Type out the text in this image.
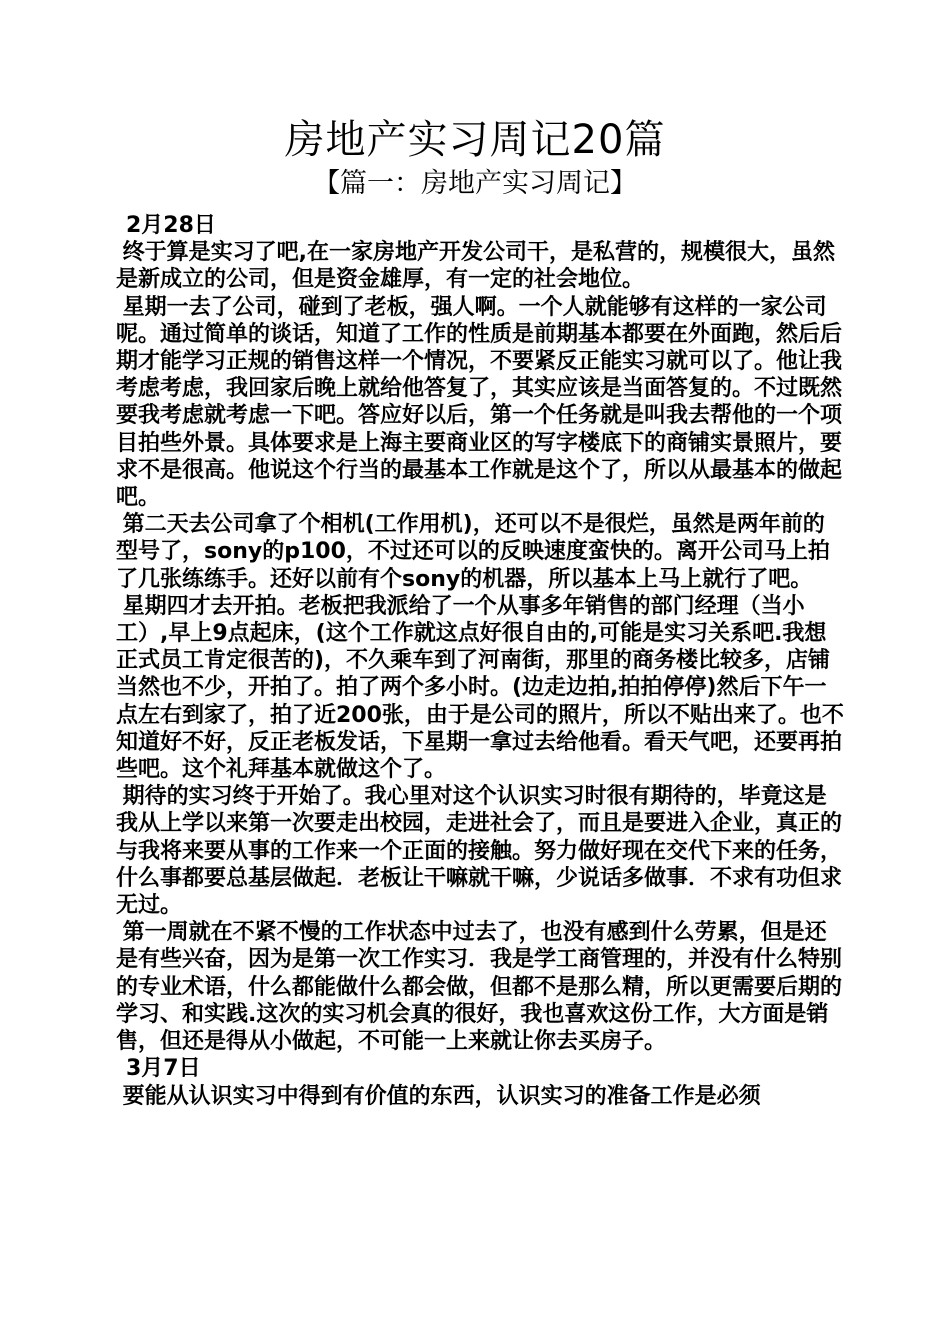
房地产实习周记20篇
【篇一：房地产实习周记】

2月28日

终于算是实习了吧,在一家房地产开发公司干，是私营的，规模很大，虽然是新成立的公司，但是资金雄厚，有一定的社会地位。

星期一去了公司，碰到了老板，强人啊。一个人就能够有这样的一家公司呢。通过简单的谈话，知道了工作的性质是前期基本都要在外面跑，然后后期才能学习正规的销售这样一个情况，不要紧反正能实习就可以了。他让我考虑考虑，我回家后晚上就给他答复了，其实应该是当面答复的。不过既然要我考虑就考虑一下吧。答应好以后，第一个任务就是叫我去帮他的一个项目拍些外景。具体要求是上海主要商业区的写字楼底下的商铺实景照片，要求不是很高。他说这个行当的最基本工作就是这个了，所以从最基本的做起吧。

第二天去公司拿了个相机(工作用机)，还可以不是很烂，虽然是两年前的型号了，sony的p100，不过还可以的反映速度蛮快的。离开公司马上拍了几张练练手。还好以前有个sony的机器，所以基本上马上就行了吧。

星期四才去开拍。老板把我派给了一个从事多年销售的部门经理（当小工）,早上9点起床，(这个工作就这点好很自由的,可能是实习关系吧.我想正式员工肯定很苦的)，不久乘车到了河南街，那里的商务楼比较多，店铺当然也不少，开拍了。拍了两个多小时。(边走边拍,拍拍停停)然后下午一点左右到家了，拍了近200张，由于是公司的照片，所以不贴出来了。也不知道好不好，反正老板发话，下星期一拿过去给他看。看天气吧，还要再拍些吧。这个礼拜基本就做这个了。

期待的实习终于开始了。我心里对这个认识实习时很有期待的，毕竟这是我从上学以来第一次要走出校园，走进社会了，而且是要进入企业，真正的与我将来要从事的工作来一个正面的接触。努力做好现在交代下来的任务，什么事都要总基层做起．老板让干嘛就干嘛，少说话多做事．不求有功但求无过。

第一周就在不紧不慢的工作状态中过去了，也没有感到什么劳累，但是还是有些兴奋，因为是第一次工作实习．我是学工商管理的，并没有什么特别的专业术语，什么都能做什么都会做，但都不是那么精，所以更需要后期的学习、和实践.这次的实习机会真的很好，我也喜欢这份工作，大方面是销售，但还是得从小做起，不可能一上来就让你去买房子。

3月7日

要能从认识实习中得到有价值的东西，认识实习的准备工作是必须
